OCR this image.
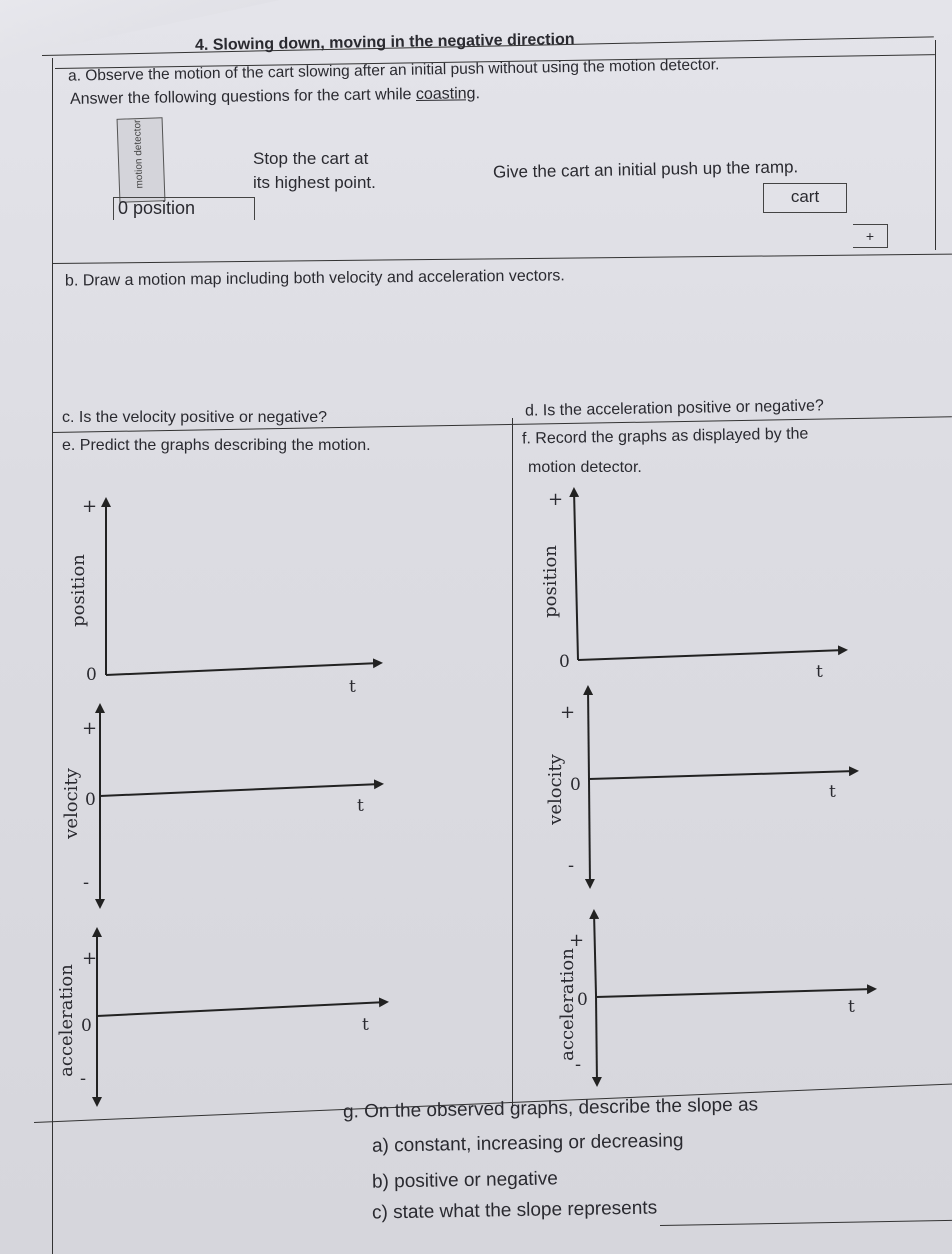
4. Slowing down, moving in the negative direction
a. Observe the motion of the cart slowing after an initial push without using the motion detector.
Answer the following questions for the cart while coasting.
motion detector	Stop the cart at
its highest point.
Give the cart an initial push up the ramp.
0 position
cart
+
b. Draw a motion map including both velocity and acceleration vectors.
c. Is the velocity positive or negative?	d. Is the acceleration positive or negative?
e. Predict the graphs describing the motion.	f. Record the graphs as displayed by the
motion detector.
+
position
0
t
+
velocity 0
-
t
+
acceleration 0
-
t
+
position
0	t
+
velocity 0
-
t
+
acceleration 0
-
t
g. On the observed graphs, describe the slope as
a) constant, increasing or decreasing
b) positive or negative
c) state what the slope represents
